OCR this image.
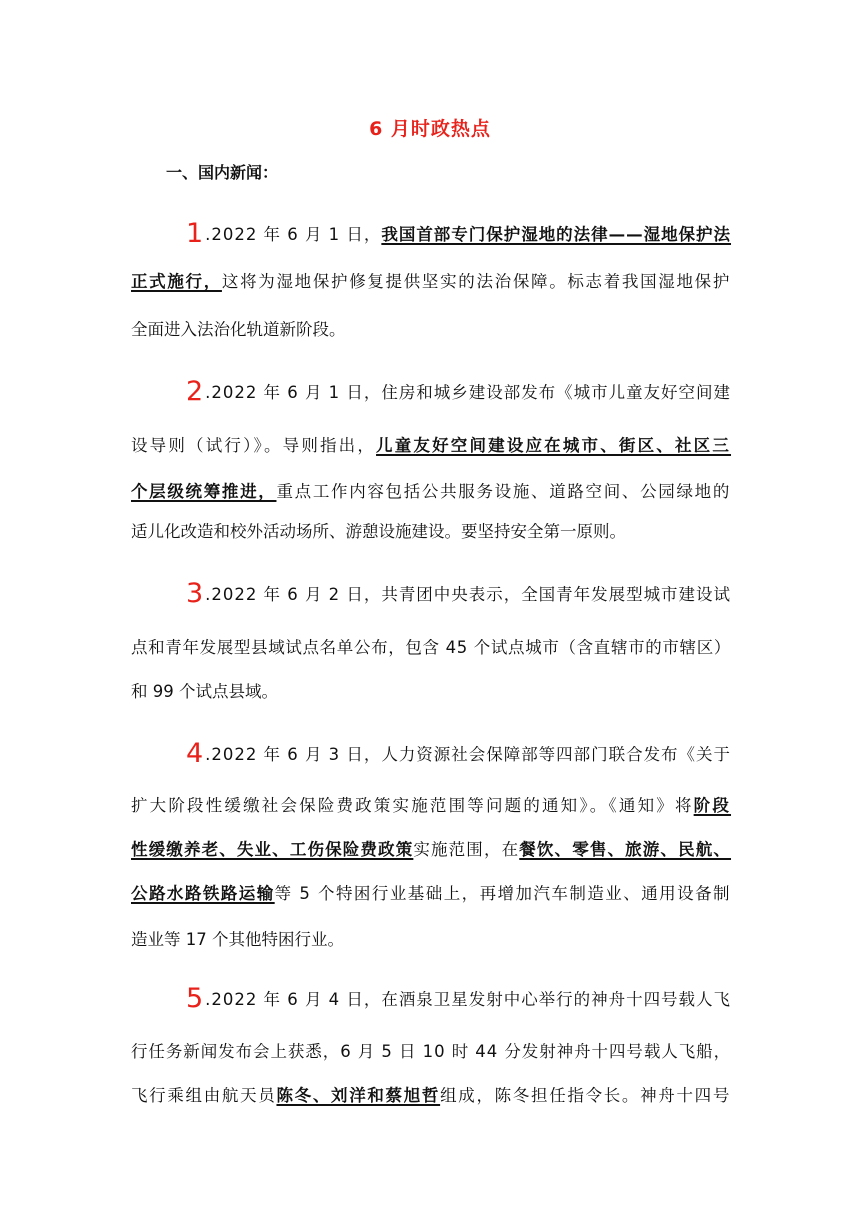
6 月时政热点
一、国内新闻：
1.2022 年 6 月 1 日，我国首部专门保护湿地的法律——湿地保护法
正式施行，这将为湿地保护修复提供坚实的法治保障。标志着我国湿地保护
全面进入法治化轨道新阶段。
2.2022 年 6 月 1 日，住房和城乡建设部发布《城市儿童友好空间建
设导则（试行）》。导则指出，儿童友好空间建设应在城市、街区、社区三
个层级统筹推进，重点工作内容包括公共服务设施、道路空间、公园绿地的
适儿化改造和校外活动场所、游憩设施建设。要坚持安全第一原则。
3.2022 年 6 月 2 日，共青团中央表示，全国青年发展型城市建设试
点和青年发展型县域试点名单公布，包含 45 个试点城市（含直辖市的市辖区）
和 99 个试点县域。
4.2022 年 6 月 3 日，人力资源社会保障部等四部门联合发布《关于
扩大阶段性缓缴社会保险费政策实施范围等问题的通知》。《通知》将阶段
性缓缴养老、失业、工伤保险费政策实施范围，在餐饮、零售、旅游、民航、
公路水路铁路运输等 5 个特困行业基础上，再增加汽车制造业、通用设备制
造业等 17 个其他特困行业。
5.2022 年 6 月 4 日，在酒泉卫星发射中心举行的神舟十四号载人飞
行任务新闻发布会上获悉，6 月 5 日 10 时 44 分发射神舟十四号载人飞船，
飞行乘组由航天员陈冬、刘洋和蔡旭哲组成，陈冬担任指令长。神舟十四号
